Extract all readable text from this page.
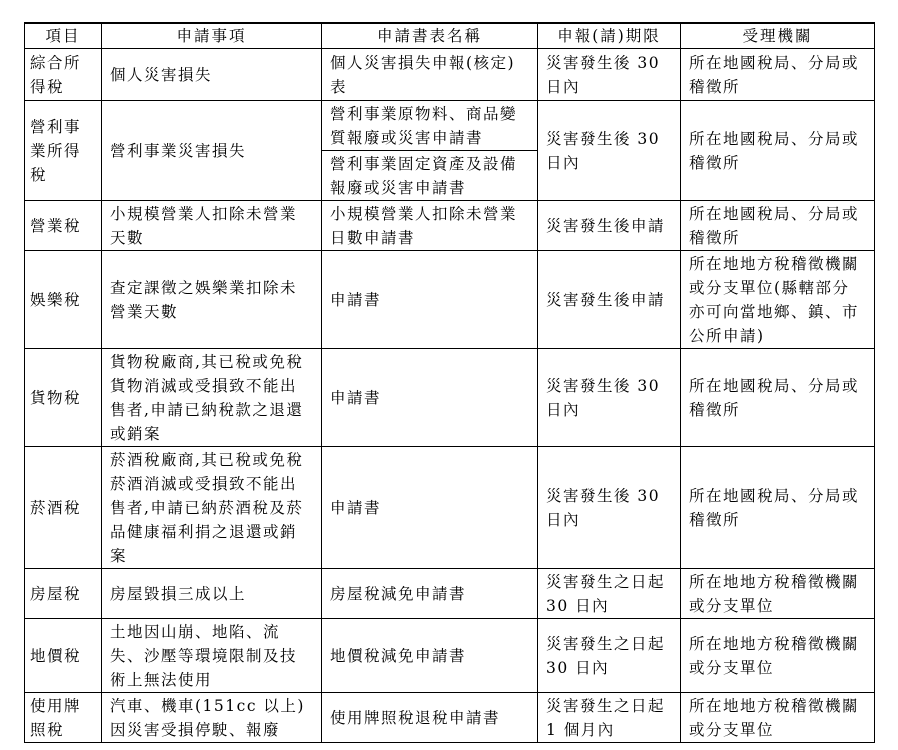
項目	申請事項	申請書表名稱	申報(請)期限	受理機關
綜合所得稅	個人災害損失	個人災害損失申報(核定)表	災害發生後 30 日內	所在地國稅局、分局或稽徵所
營利事業所得稅	營利事業災害損失	營利事業原物料、商品變質報廢或災害申請書	災害發生後 30 日內	所在地國稅局、分局或稽徵所
		營利事業固定資產及設備報廢或災害申請書		
營業稅	小規模營業人扣除未營業天數	小規模營業人扣除未營業日數申請書	災害發生後申請	所在地國稅局、分局或稽徵所
娛樂稅	查定課徵之娛樂業扣除未營業天數	申請書	災害發生後申請	所在地地方稅稽徵機關或分支單位(縣轄部分亦可向當地鄉、鎮、市公所申請)
貨物稅	貨物稅廠商,其已稅或免稅貨物消滅或受損致不能出售者,申請已納稅款之退還或銷案	申請書	災害發生後 30 日內	所在地國稅局、分局或稽徵所
菸酒稅	菸酒稅廠商,其已稅或免稅菸酒消滅或受損致不能出售者,申請已納菸酒稅及菸品健康福利捐之退還或銷案	申請書	災害發生後 30 日內	所在地國稅局、分局或稽徵所
房屋稅	房屋毀損三成以上	房屋稅減免申請書	災害發生之日起 30 日內	所在地地方稅稽徵機關或分支單位
地價稅	土地因山崩、地陷、流失、沙壓等環境限制及技術上無法使用	地價稅減免申請書	災害發生之日起 30 日內	所在地地方稅稽徵機關或分支單位
使用牌照稅	汽車、機車(151cc 以上)因災害受損停駛、報廢	使用牌照稅退稅申請書	災害發生之日起 1 個月內	所在地地方稅稽徵機關或分支單位
